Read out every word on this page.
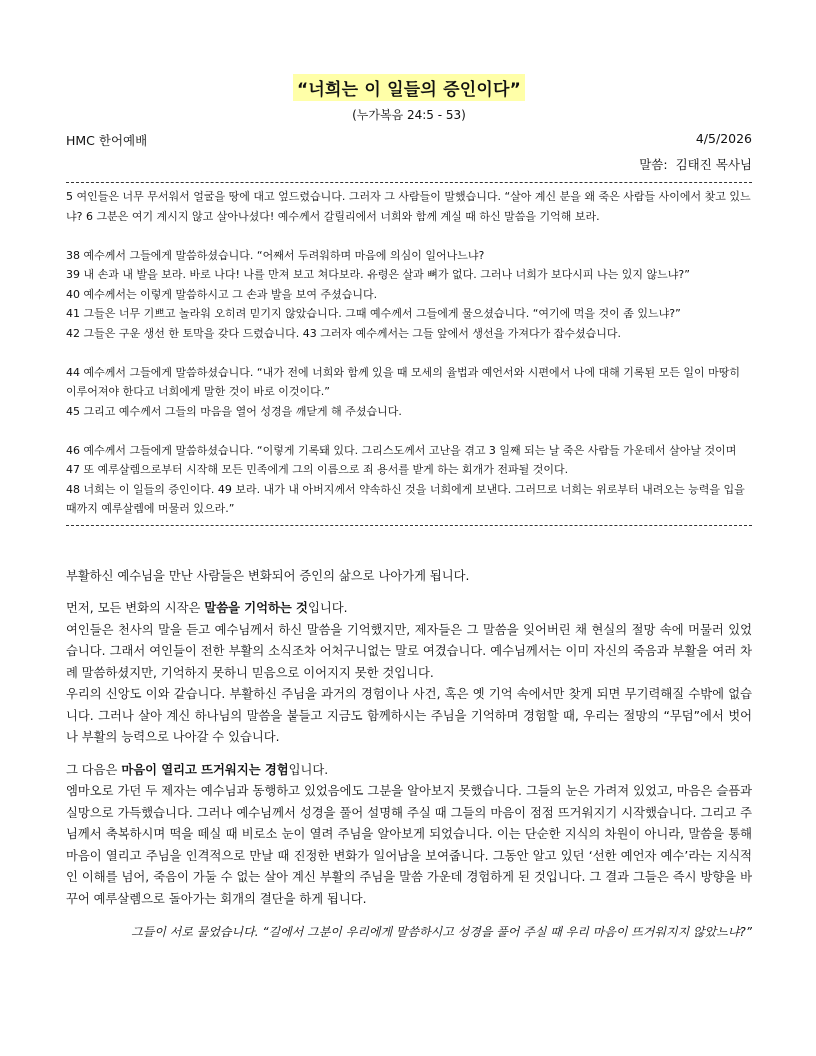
“너희는 이 일들의 증인이다”
(누가복음 24:5 - 53)
HMC 한어예배	4/5/2026
말씀: 김태진 목사님

5 여인들은 너무 무서워서 얼굴을 땅에 대고 엎드렸습니다. 그러자 그 사람들이 말했습니다. “살아 계신 분을 왜 죽은 사람들 사이에서 찾고 있느냐? 6 그분은 여기 계시지 않고 살아나셨다! 예수께서 갈릴리에서 너희와 함께 계실 때 하신 말씀을 기억해 보라.

38 예수께서 그들에게 말씀하셨습니다. “어째서 두려워하며 마음에 의심이 일어나느냐?

39 내 손과 내 발을 보라. 바로 나다! 나를 만져 보고 쳐다보라. 유령은 살과 뼈가 없다. 그러나 너희가 보다시피 나는 있지 않느냐?”

40 예수께서는 이렇게 말씀하시고 그 손과 발을 보여 주셨습니다.

41 그들은 너무 기쁘고 놀라워 오히려 믿기지 않았습니다. 그때 예수께서 그들에게 물으셨습니다. “여기에 먹을 것이 좀 있느냐?”

42 그들은 구운 생선 한 토막을 갖다 드렸습니다. 43 그러자 예수께서는 그들 앞에서 생선을 가져다가 잡수셨습니다.

44 예수께서 그들에게 말씀하셨습니다. “내가 전에 너희와 함께 있을 때 모세의 율법과 예언서와 시편에서 나에 대해 기록된 모든 일이 마땅히 이루어져야 한다고 너희에게 말한 것이 바로 이것이다.”

45 그리고 예수께서 그들의 마음을 열어 성경을 깨닫게 해 주셨습니다.

46 예수께서 그들에게 말씀하셨습니다. “이렇게 기록돼 있다. 그리스도께서 고난을 겪고 3 일째 되는 날 죽은 사람들 가운데서 살아날 것이며

47 또 예루살렘으로부터 시작해 모든 민족에게 그의 이름으로 죄 용서를 받게 하는 회개가 전파될 것이다.

48 너희는 이 일들의 증인이다. 49 보라. 내가 내 아버지께서 약속하신 것을 너희에게 보낸다. 그러므로 너희는 위로부터 내려오는 능력을 입을 때까지 예루살렘에 머물러 있으라.”

부활하신 예수님을 만난 사람들은 변화되어 증인의 삶으로 나아가게 됩니다.

먼저, 모든 변화의 시작은 말씀을 기억하는 것입니다.

여인들은 천사의 말을 듣고 예수님께서 하신 말씀을 기억했지만, 제자들은 그 말씀을 잊어버린 채 현실의 절망 속에 머물러 있었습니다. 그래서 여인들이 전한 부활의 소식조차 어처구니없는 말로 여겼습니다. 예수님께서는 이미 자신의 죽음과 부활을 여러 차례 말씀하셨지만, 기억하지 못하니 믿음으로 이어지지 못한 것입니다.

우리의 신앙도 이와 같습니다. 부활하신 주님을 과거의 경험이나 사건, 혹은 옛 기억 속에서만 찾게 되면 무기력해질 수밖에 없습니다. 그러나 살아 계신 하나님의 말씀을 붙들고 지금도 함께하시는 주님을 기억하며 경험할 때, 우리는 절망의 “무덤”에서 벗어나 부활의 능력으로 나아갈 수 있습니다.

그 다음은 마음이 열리고 뜨거워지는 경험입니다.

엠마오로 가던 두 제자는 예수님과 동행하고 있었음에도 그분을 알아보지 못했습니다. 그들의 눈은 가려져 있었고, 마음은 슬픔과 실망으로 가득했습니다. 그러나 예수님께서 성경을 풀어 설명해 주실 때 그들의 마음이 점점 뜨거워지기 시작했습니다. 그리고 주님께서 축복하시며 떡을 떼실 때 비로소 눈이 열려 주님을 알아보게 되었습니다. 이는 단순한 지식의 차원이 아니라, 말씀을 통해 마음이 열리고 주님을 인격적으로 만날 때 진정한 변화가 일어남을 보여줍니다. 그동안 알고 있던 ‘선한 예언자 예수’라는 지식적인 이해를 넘어, 죽음이 가둘 수 없는 살아 계신 부활의 주님을 말씀 가운데 경험하게 된 것입니다. 그 결과 그들은 즉시 방향을 바꾸어 예루살렘으로 돌아가는 회개의 결단을 하게 됩니다.

그들이 서로 물었습니다. “길에서 그분이 우리에게 말씀하시고 성경을 풀어 주실 때 우리 마음이 뜨거워지지 않았느냐?”
